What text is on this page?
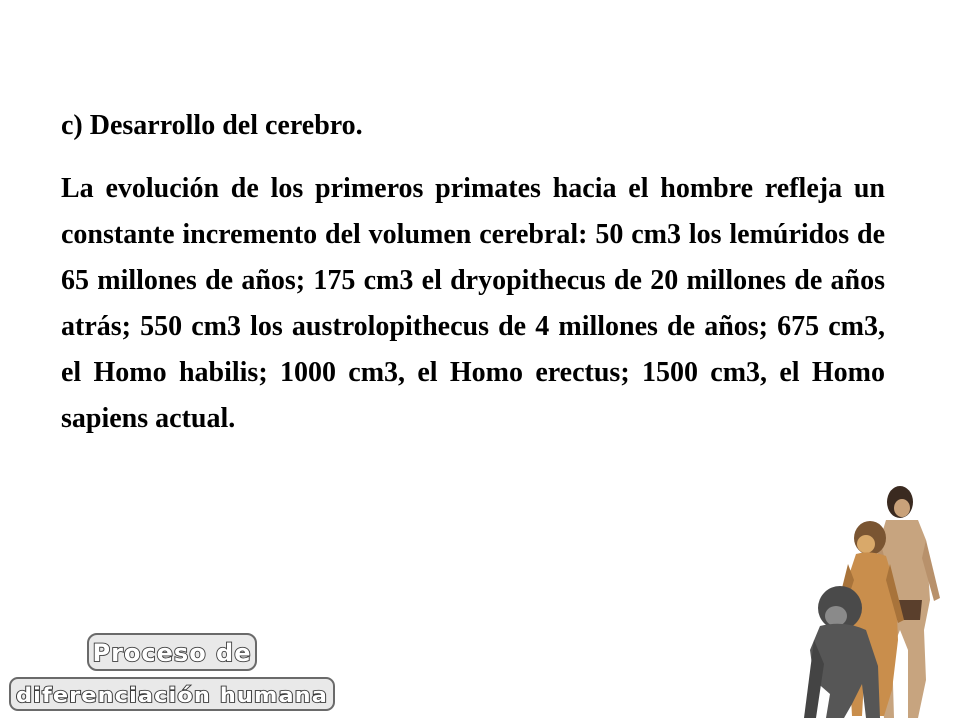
c) Desarrollo del cerebro.

La evolución de los primeros primates hacia el hombre refleja un constante incremento del volumen cerebral: 50 cm3 los lemúridos de 65 millones de años; 175 cm3 el dryopithecus de 20 millones de años atrás; 550 cm3 los austrolopithecus de 4 millones de años; 675 cm3, el Homo habilis; 1000 cm3, el Homo erectus; 1500 cm3, el Homo sapiens actual.

Proceso de
diferenciación humana
